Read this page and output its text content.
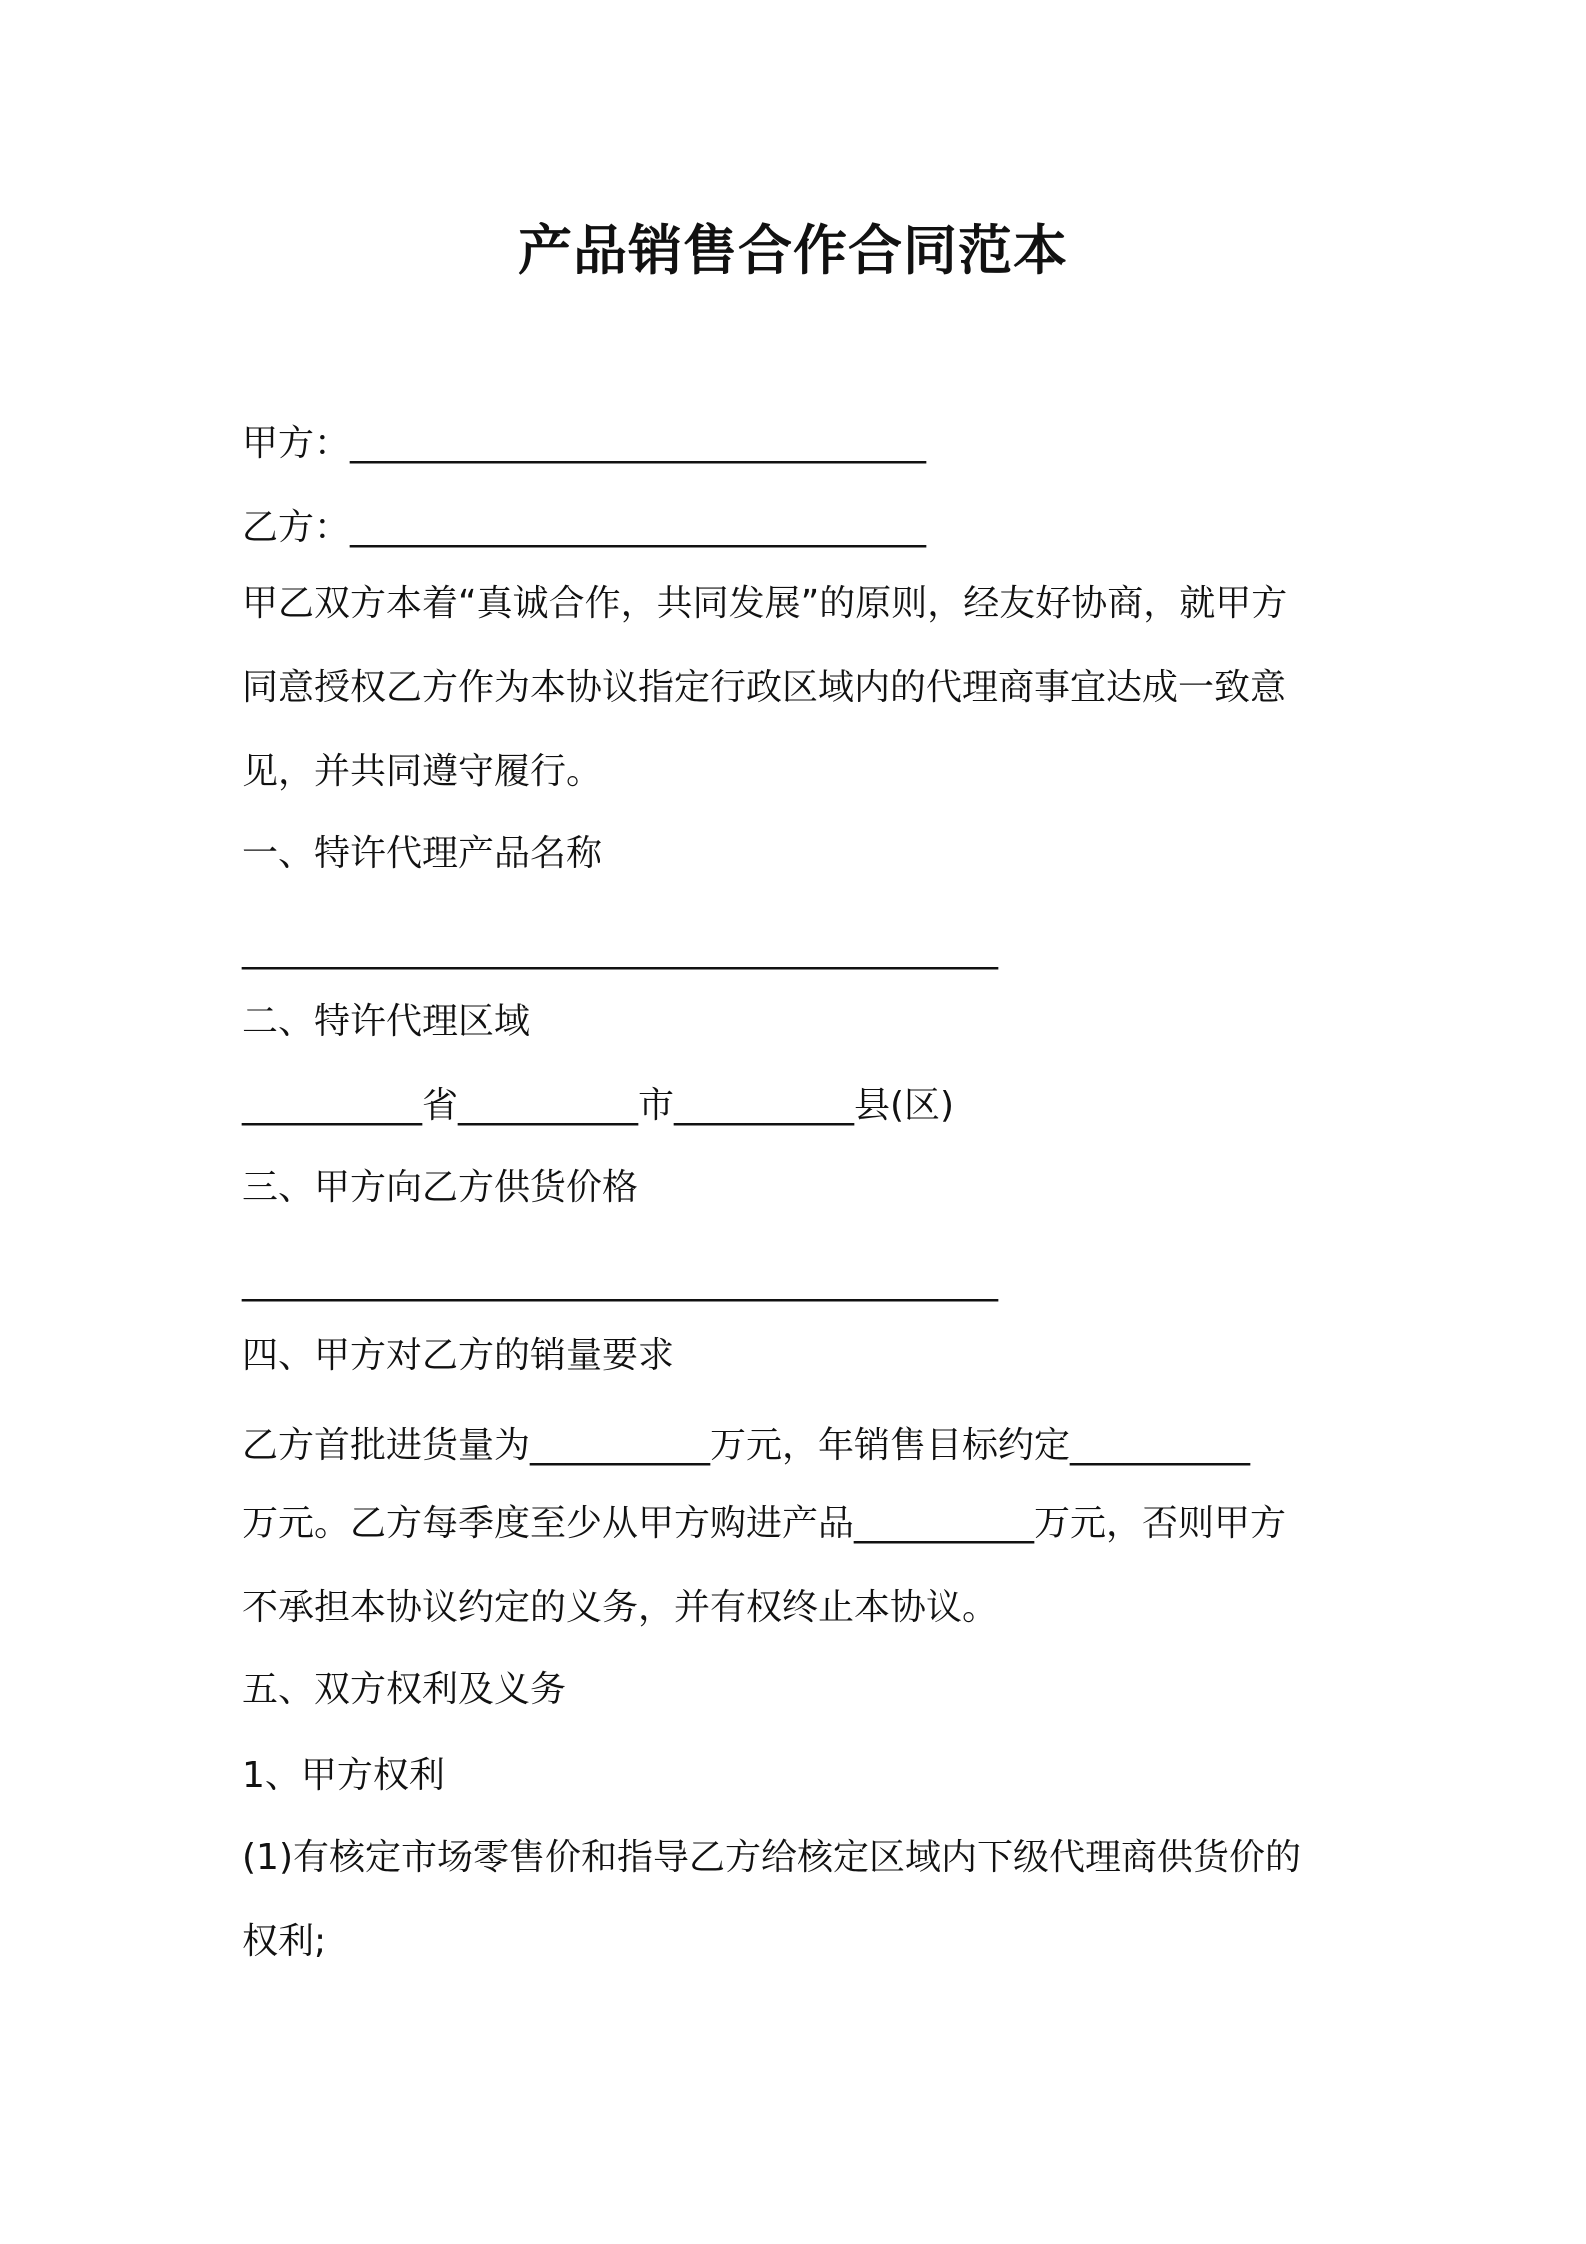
产品销售合作合同范本

甲方：________________________________

乙方：________________________________

甲乙双方本着“真诚合作，共同发展”的原则，经友好协商，就甲方

同意授权乙方作为本协议指定行政区域内的代理商事宜达成一致意

见，并共同遵守履行。

一、特许代理产品名称

__________________________________________

二、特许代理区域

__________省__________市__________县(区)

三、甲方向乙方供货价格

__________________________________________

四、甲方对乙方的销量要求

乙方首批进货量为__________万元，年销售目标约定__________

万元。乙方每季度至少从甲方购进产品__________万元，否则甲方

不承担本协议约定的义务，并有权终止本协议。

五、双方权利及义务

1、甲方权利

(1)有核定市场零售价和指导乙方给核定区域内下级代理商供货价的

权利;
